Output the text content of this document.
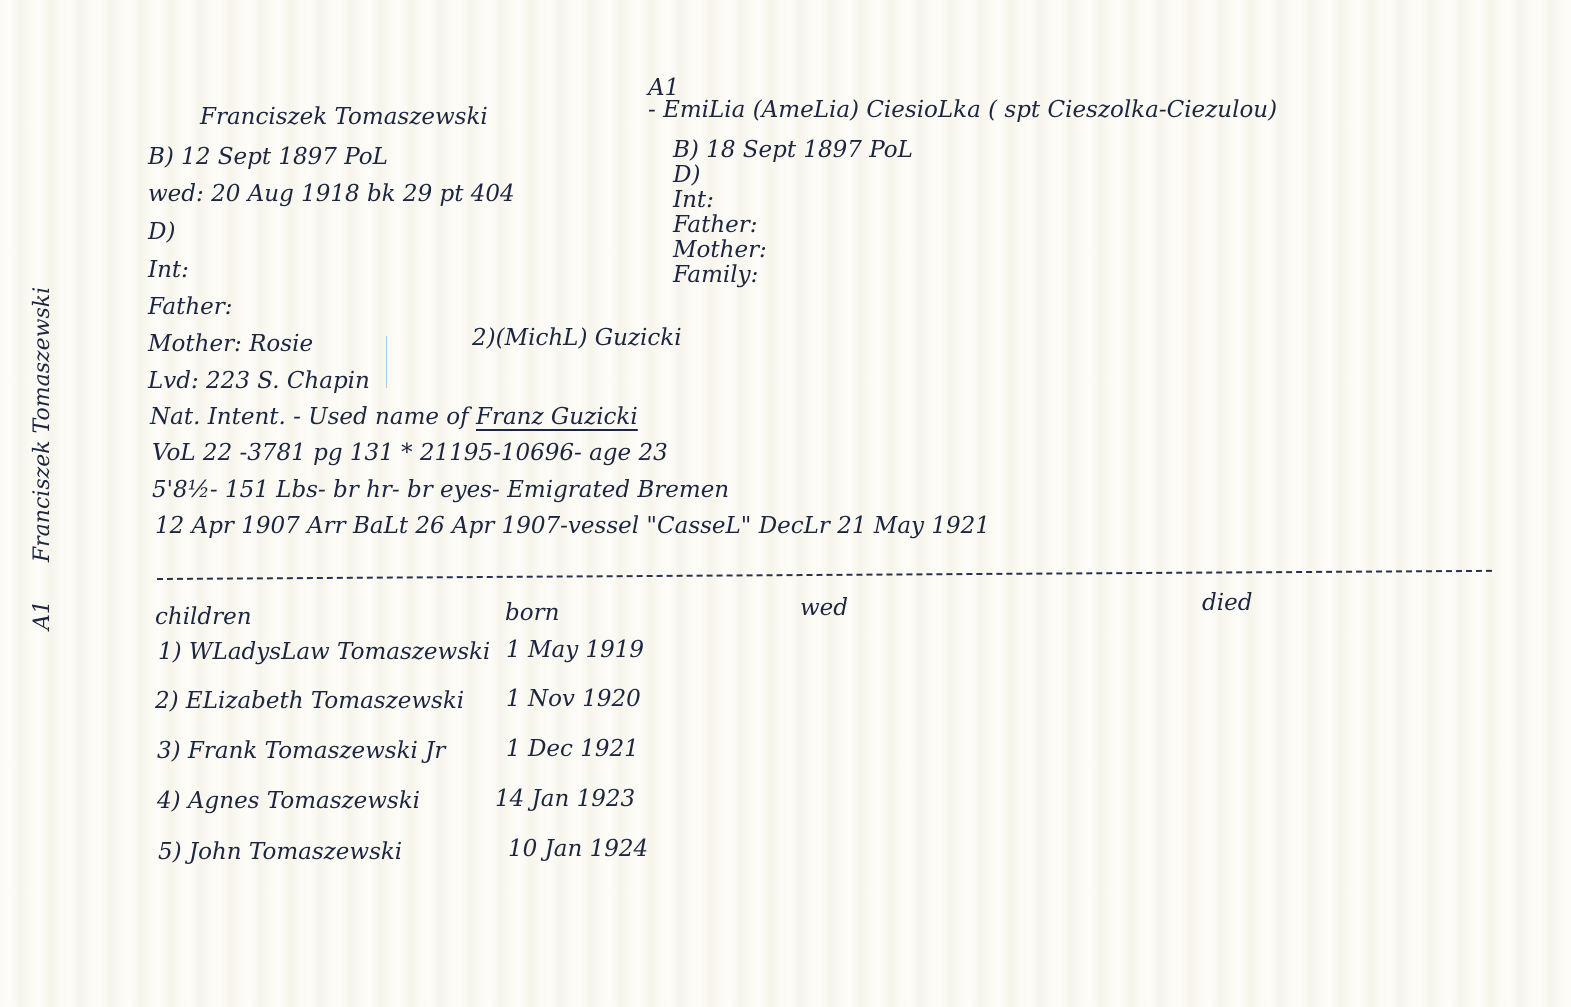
A1
Franciszek Tomaszewski
Franciszek Tomaszewski
B) 12 Sept 1897 PoL
wed: 20 Aug 1918 bk 29 pt 404
D)
Int:
Father:
Mother: Rosie	2)(MichL) Guzicki
Lvd: 223 S. Chapin
Nat. Intent. - Used name of Franz Guzicki
VoL 22 -3781 pg 131 * 21195-10696- age 23
5'8½- 151 Lbs- br hr- br eyes- Emigrated Bremen
12 Apr 1907 Arr BaLt 26 Apr 1907-vessel "CasseL" DecLr 21 May 1921
A1
- EmiLia (AmeLia) CiesioLka ( spt Cieszolka-Ciezulou)
B) 18 Sept 1897 PoL
D)
Int:
Father:
Mother:
Family:
children	born	wed	died
1) WLadysLaw Tomaszewski 1 May 1919
2) ELizabeth Tomaszewski 1 Nov 1920
3) Frank Tomaszewski Jr	1 Dec 1921
4) Agnes Tomaszewski	14 Jan 1923
5) John Tomaszewski	10 Jan 1924
